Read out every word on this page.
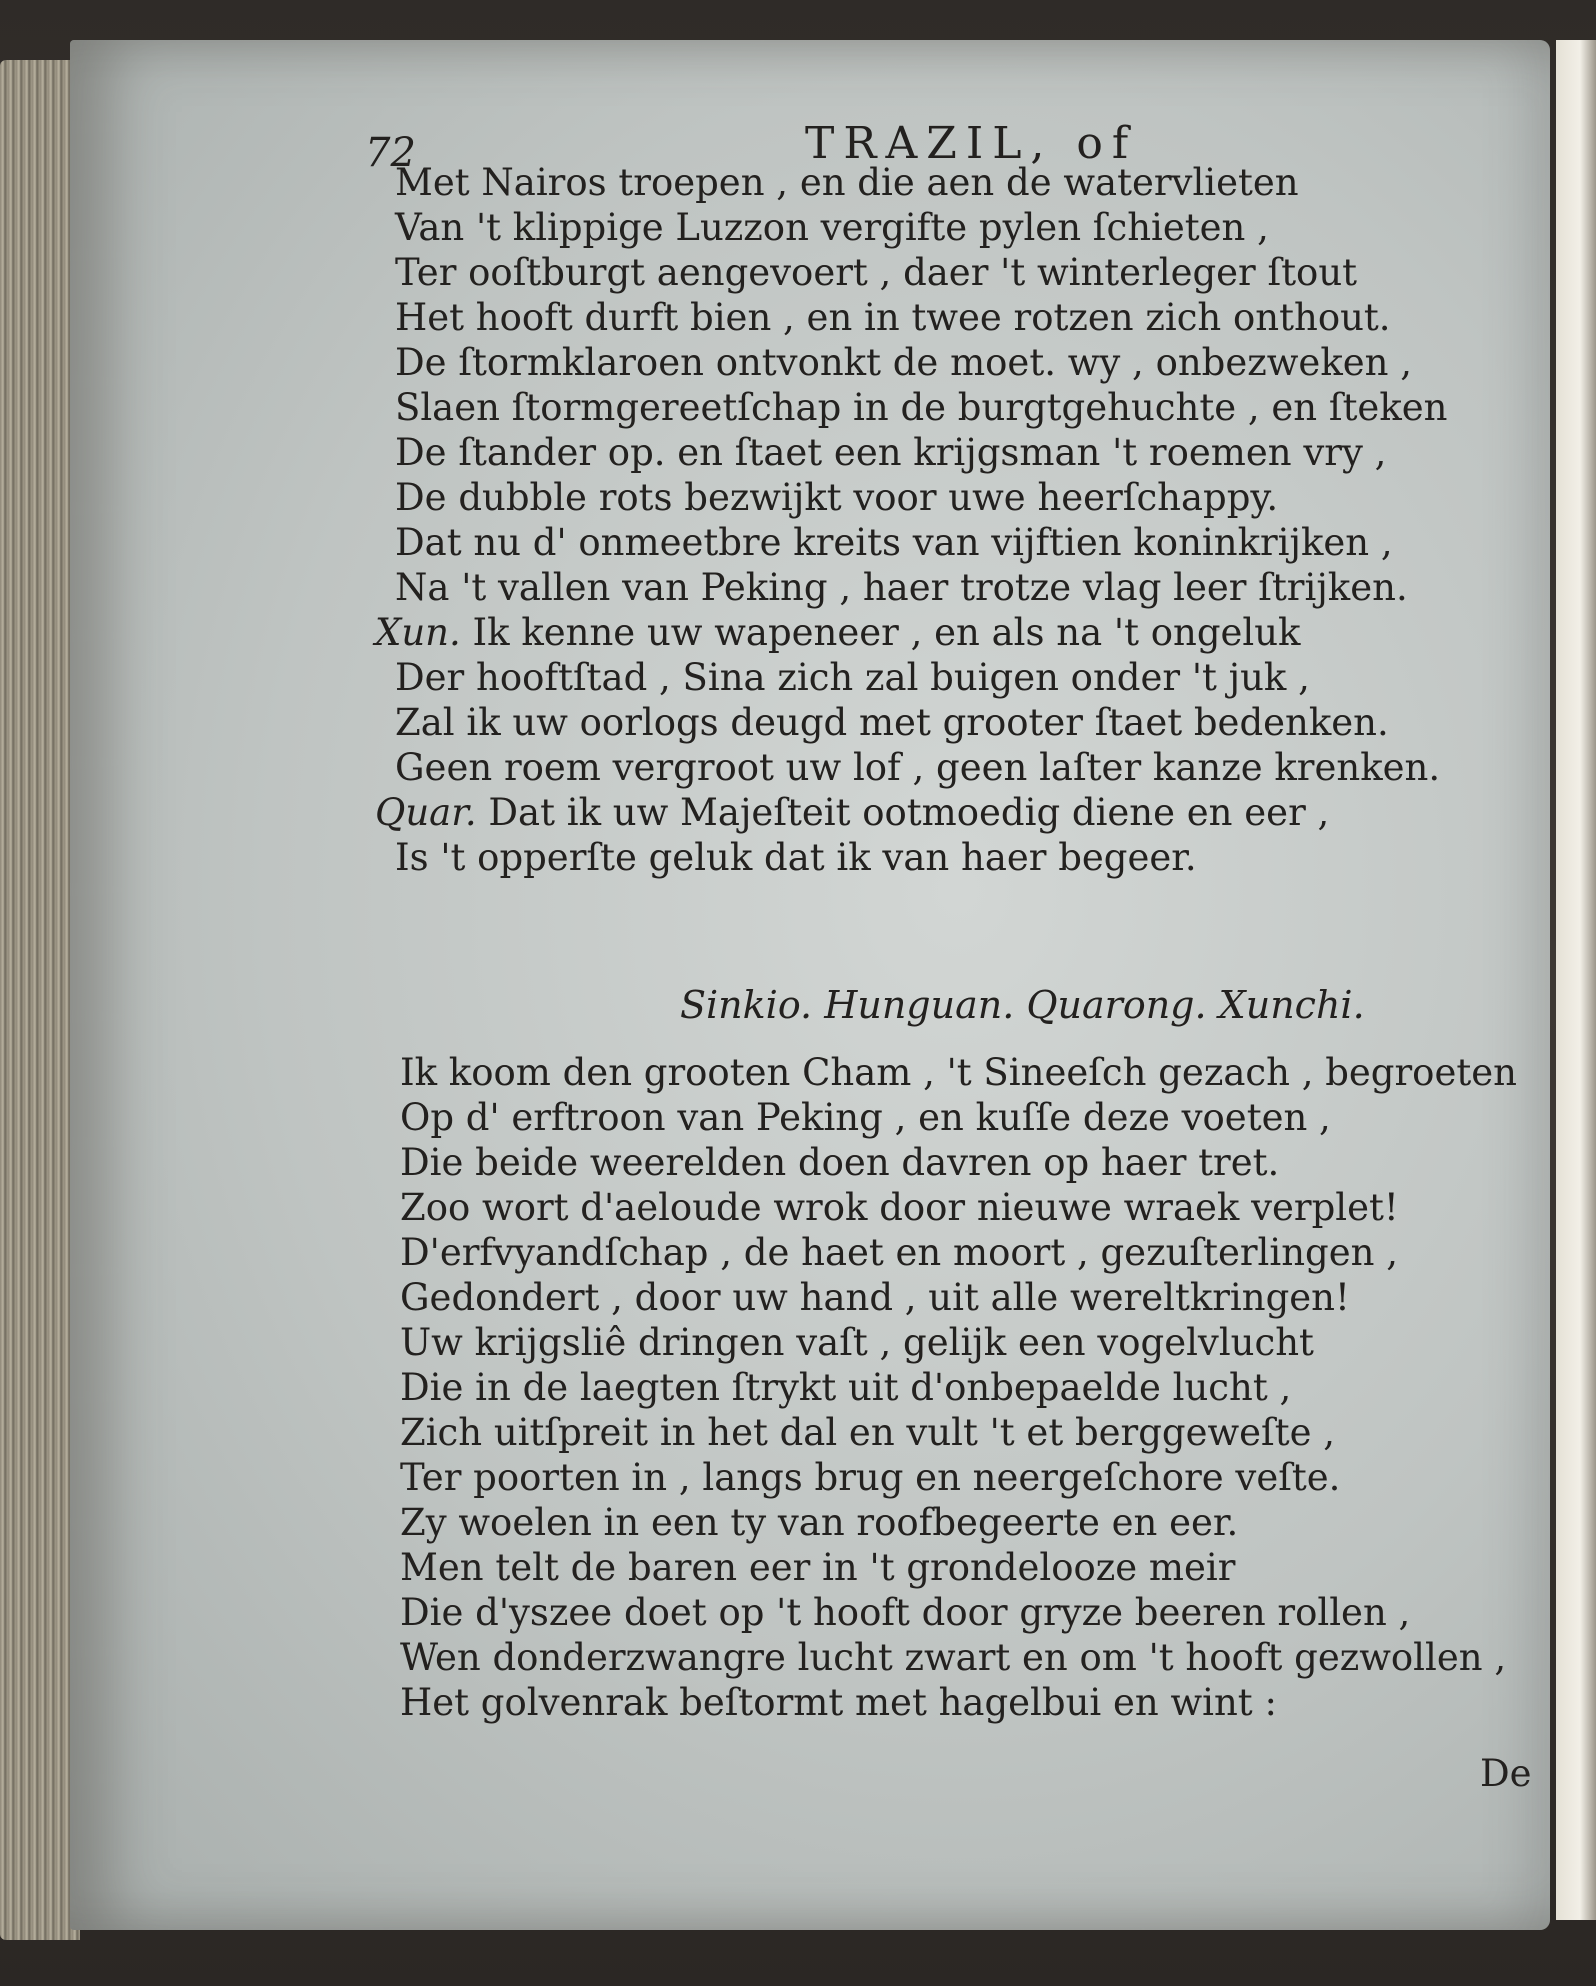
72	TRAZIL, of
Met Nairos troepen , en die aen de watervlieten
Van 't klippige Luzzon vergifte pylen ſchieten ,
Ter ooſtburgt aengevoert , daer 't winterleger ſtout
Het hooft durft bien , en in twee rotzen zich onthout.
De ſtormklaroen ontvonkt de moet. wy , onbezweken ,
Slaen ſtormgereetſchap in de burgtgehuchte , en ſteken
De ſtander op. en ſtaet een krijgsman 't roemen vry ,
De dubble rots bezwijkt voor uwe heerſchappy.
Dat nu d' onmeetbre kreits van vijftien koninkrijken ,
Na 't vallen van Peking , haer trotze vlag leer ſtrijken.
Xun. Ik kenne uw wapeneer , en als na 't ongeluk
Der hooftſtad , Sina zich zal buigen onder 't juk ,
Zal ik uw oorlogs deugd met grooter ſtaet bedenken.
Geen roem vergroot uw lof , geen laſter kanze krenken.
Quar. Dat ik uw Majeſteit ootmoedig diene en eer ,
Is 't opperſte geluk dat ik van haer begeer.
Sinkio. Hunguan. Quarong. Xunchi.
Ik koom den grooten Cham , 't Sineeſch gezach , begroeten
Op d' erftroon van Peking , en kuſſe deze voeten ,
Die beide weerelden doen davren op haer tret.
Zoo wort d'aeloude wrok door nieuwe wraek verplet!
D'erfvyandſchap , de haet en moort , gezuſterlingen ,
Gedondert , door uw hand , uit alle wereltkringen!
Uw krijgsliê dringen vaſt , gelijk een vogelvlucht
Die in de laegten ſtrykt uit d'onbepaelde lucht ,
Zich uitſpreit in het dal en vult 't et berggeweſte ,
Ter poorten in , langs brug en neergeſchore veſte.
Zy woelen in een ty van roofbegeerte en eer.
Men telt de baren eer in 't grondelooze meir
Die d'yszee doet op 't hooft door gryze beeren rollen ,
Wen donderzwangre lucht zwart en om 't hooft gezwollen ,
Het golvenrak beſtormt met hagelbui en wint :
De
